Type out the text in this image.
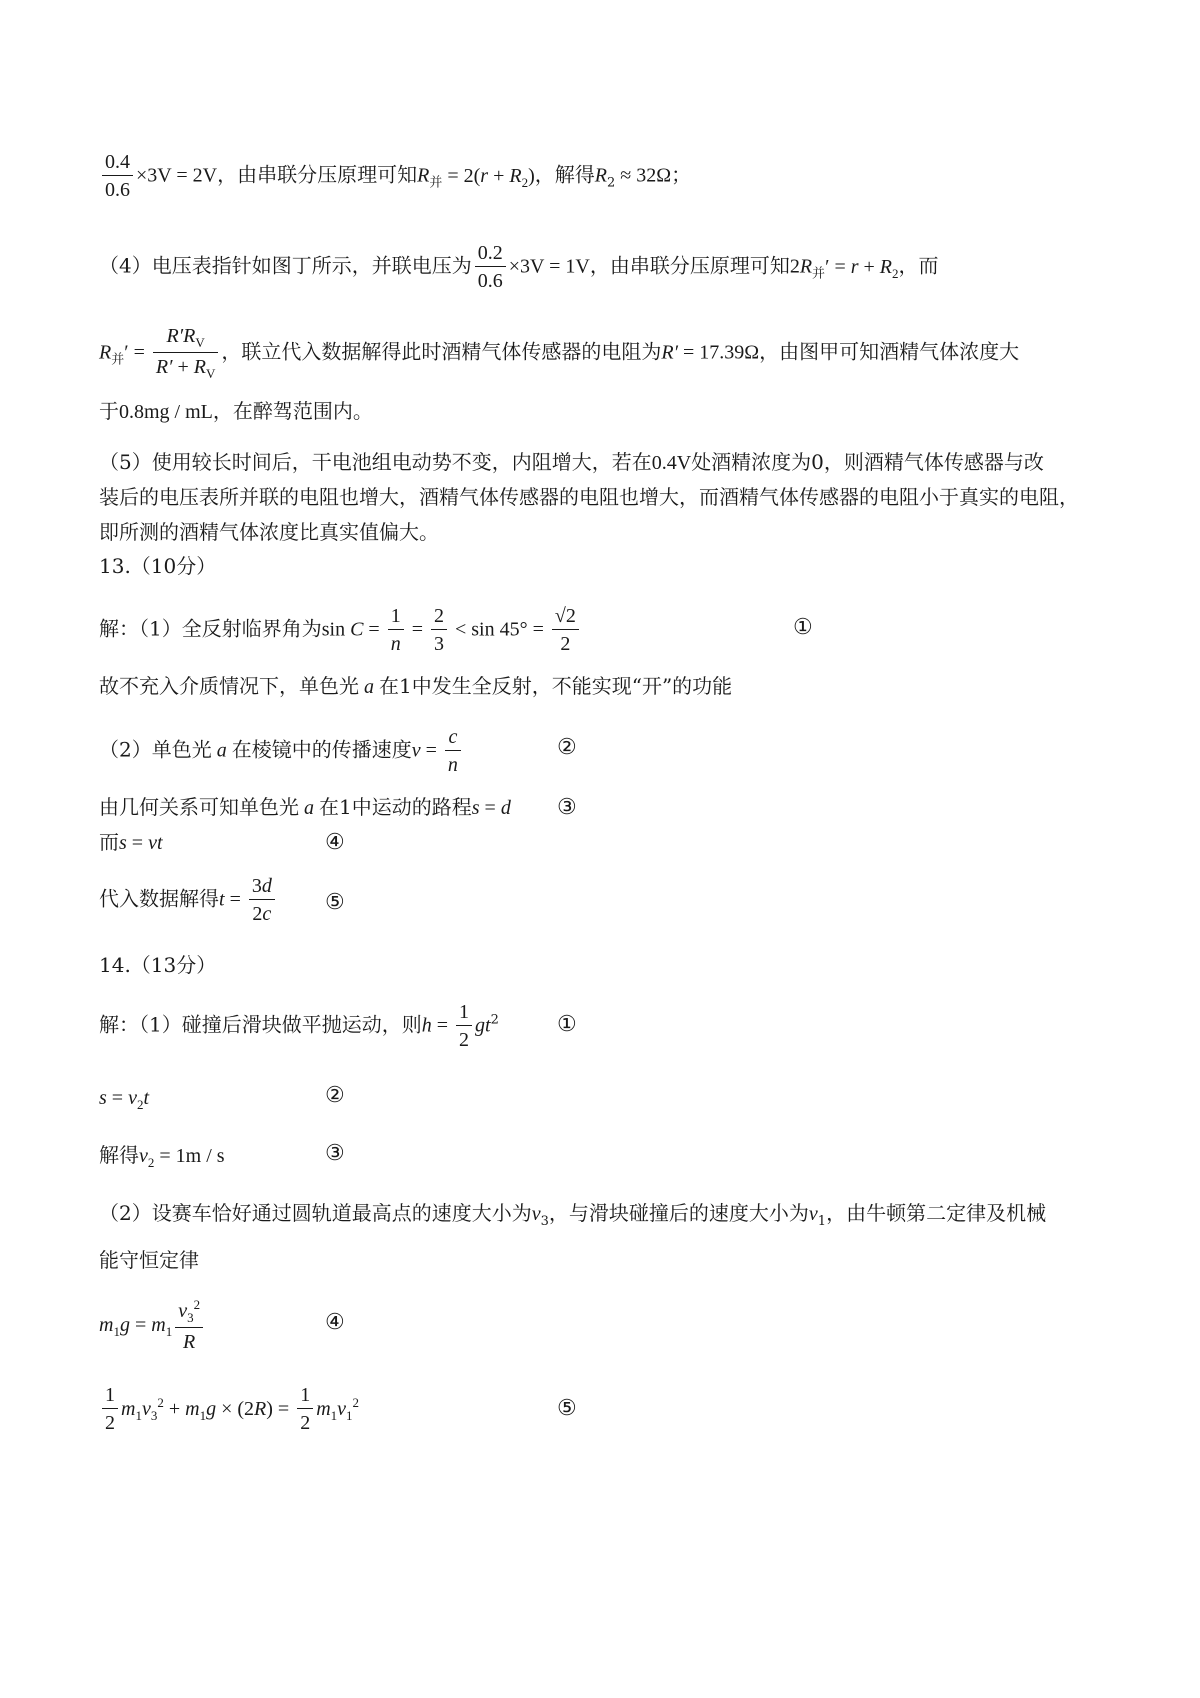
$\frac{0.4}{0.6} \times 3V = 2V$，由串联分压原理可知$R_并 = 2(r + R_2)$，解得$R_2 \approx 32\Omega$；
（4）电压表指针如图丁所示，并联电压为 $\frac{0.2}{0.6} \times 3V = 1V$，由串联分压原理可知$2R_并' = r + R_2$，而
$R_并' = \frac{R'R_V}{R' + R_V}$ ，联立代入数据解得此时酒精气体传感器的电阻为R′ = 17.39Ω，由图甲可知酒精气体浓度大
于0.8mg / mL，在醉驾范围内。
（5）使用较长时间后，干电池组电动势不变，内阻增大，若在0.4V处酒精浓度为0，则酒精气体传感器与改
装后的电压表所并联的电阻也增大，酒精气体传感器的电阻也增大，而酒精气体传感器的电阻小于真实的电阻，
即所测的酒精气体浓度比真实值偏大。
13.（10分）
解：（1）全反射临界角为$\sin C = \frac{1}{n} = \frac{2}{3} < \sin 45^\circ = \frac{√2}{2}$	①
故不充入介质情况下，单色光 a 在1中发生全反射，不能实现“开”的功能
（2）单色光 a 在棱镜中的传播速度$v = \frac{c}{n}$	②
由几何关系可知单色光 a 在1中运动的路程s = d ③
而s = vt	④
代入数据解得$t = \frac{3d}{2c}$ ⑤
14.（13分）
解：（1）碰撞后滑块做平抛运动，则$h = \frac{1}{2} gt^2$	①
$s = v_2t$	②
解得$v_2 = 1m / s$	③
（2）设赛车恰好通过圆轨道最高点的速度大小为$v_3$，与滑块碰撞后的速度大小为$v_1$，由牛顿第二定律及机械
能守恒定律
$m_1g = m_1 \frac{v_3^2}{R}$	④
$\frac{1}{2} m_1v_3^2 + m_1g \times (2R) = \frac{1}{2} m_1v_1^2$	⑤
